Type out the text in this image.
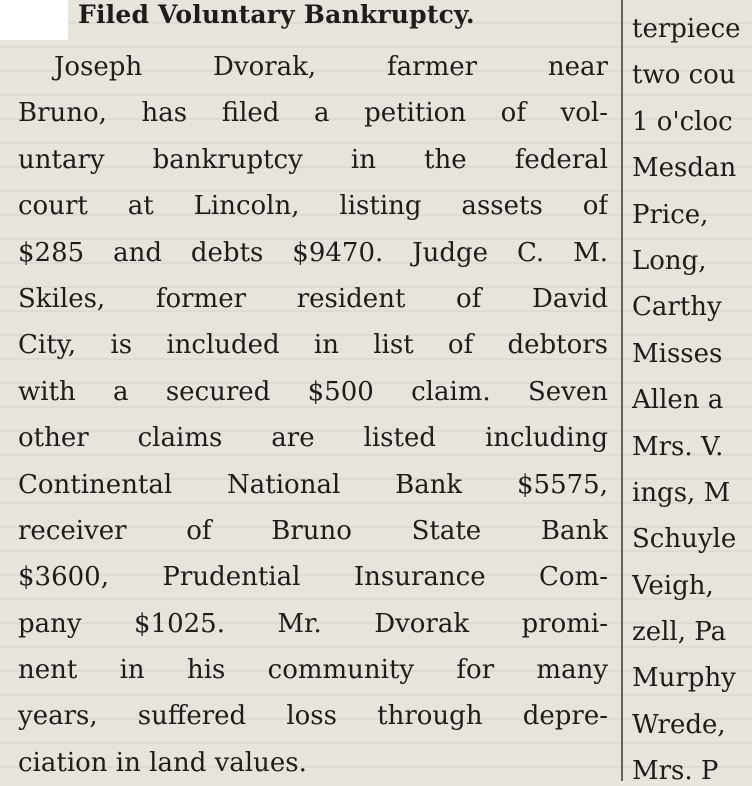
Filed Voluntary Bankruptcy.
Joseph Dvorak, farmer near
Bruno, has filed a petition of vol-
untary bankruptcy in the federal
court at Lincoln, listing assets of
$285 and debts $9470. Judge C. M.
Skiles, former resident of David
City, is included in list of debtors
with a secured $500 claim. Seven
other claims are listed including
Continental National Bank $5575,
receiver of Bruno State Bank
$3600, Prudential Insurance Com-
pany $1025. Mr. Dvorak promi-
nent in his community for many
years, suffered loss through depre-
ciation in land values.
terpiece
two cou
1 o'cloc
Mesdan
Price,
Long,
Carthy
Misses
Allen a
Mrs. V.
ings, M
Schuyle
Veigh,
zell, Pa
Murphy
Wrede,
Mrs. P
